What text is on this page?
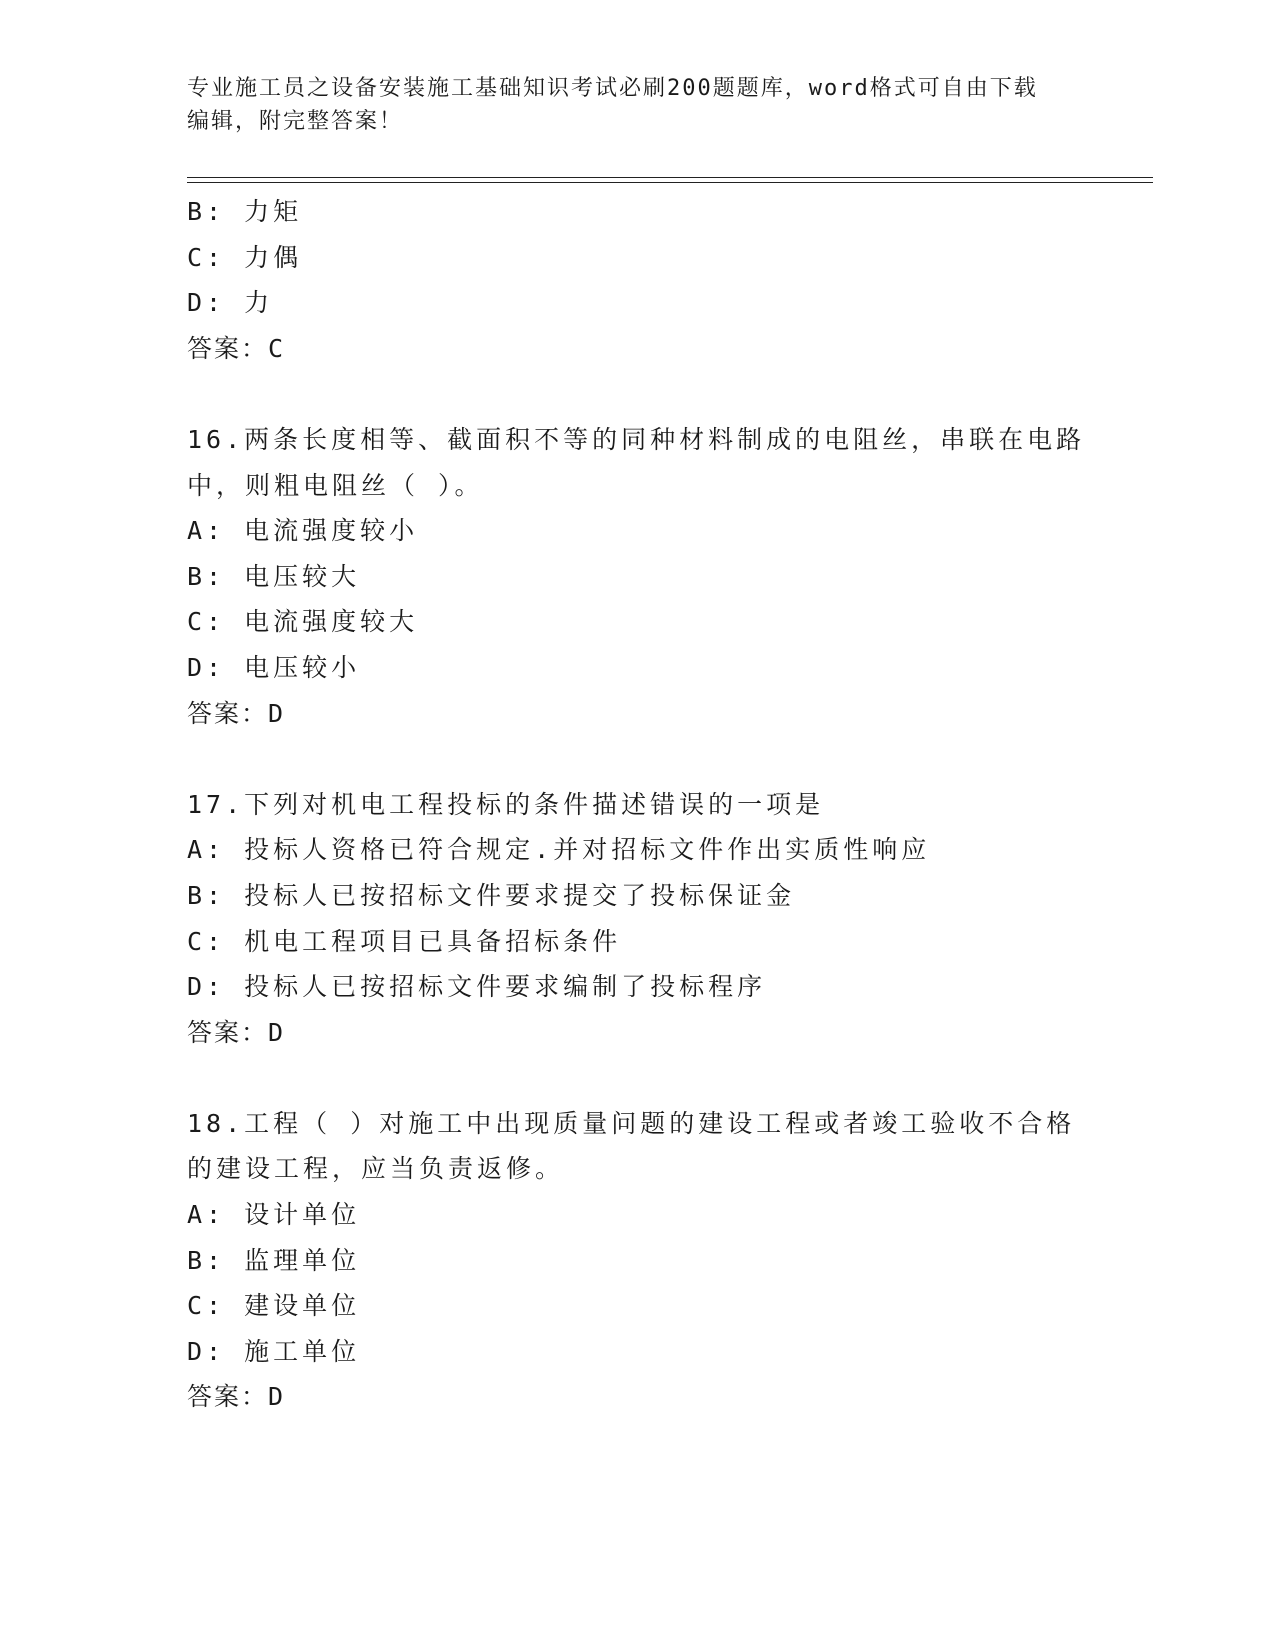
专业施工员之设备安装施工基础知识考试必刷200题题库，word格式可自由下载
编辑，附完整答案！
B: 力矩
C: 力偶
D: 力
答案：C
16.两条长度相等、截面积不等的同种材料制成的电阻丝，串联在电路
中，则粗电阻丝（ ）。
A: 电流强度较小
B: 电压较大
C: 电流强度较大
D: 电压较小
答案：D
17.下列对机电工程投标的条件描述错误的一项是
A: 投标人资格已符合规定.并对招标文件作出实质性响应
B: 投标人已按招标文件要求提交了投标保证金
C: 机电工程项目已具备招标条件
D: 投标人已按招标文件要求编制了投标程序
答案：D
18.工程（ ）对施工中出现质量问题的建设工程或者竣工验收不合格
的建设工程，应当负责返修。
A: 设计单位
B: 监理单位
C: 建设单位
D: 施工单位
答案：D
